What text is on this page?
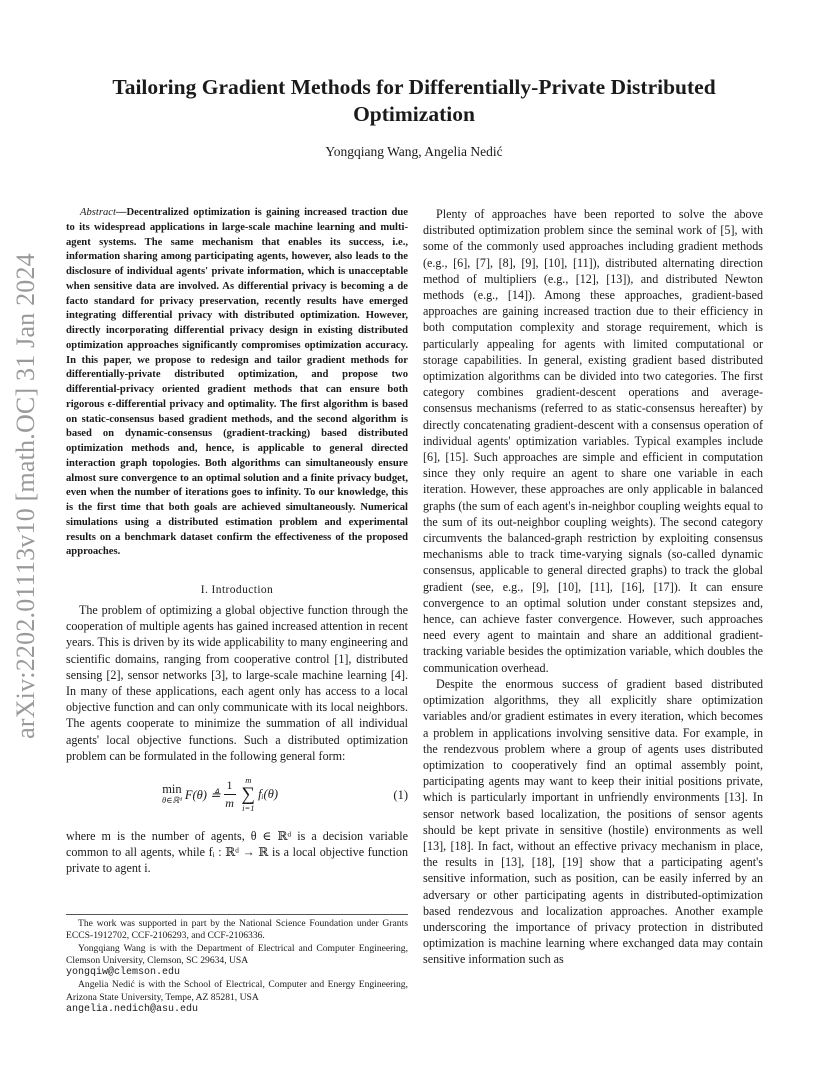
arXiv:2202.01113v10 [math.OC] 31 Jan 2024
Tailoring Gradient Methods for Differentially-Private Distributed Optimization
Yongqiang Wang, Angelia Nedić

Abstract—Decentralized optimization is gaining increased traction due to its widespread applications in large-scale machine learning and multi-agent systems. The same mechanism that enables its success, i.e., information sharing among participating agents, however, also leads to the disclosure of individual agents' private information, which is unacceptable when sensitive data are involved. As differential privacy is becoming a de facto standard for privacy preservation, recently results have emerged integrating differential privacy with distributed optimization. However, directly incorporating differential privacy design in existing distributed optimization approaches significantly compromises optimization accuracy. In this paper, we propose to redesign and tailor gradient methods for differentially-private distributed optimization, and propose two differential-privacy oriented gradient methods that can ensure both rigorous ϵ-differential privacy and optimality. The first algorithm is based on static-consensus based gradient methods, and the second algorithm is based on dynamic-consensus (gradient-tracking) based distributed optimization methods and, hence, is applicable to general directed interaction graph topologies. Both algorithms can simultaneously ensure almost sure convergence to an optimal solution and a finite privacy budget, even when the number of iterations goes to infinity. To our knowledge, this is the first time that both goals are achieved simultaneously. Numerical simulations using a distributed estimation problem and experimental results on a benchmark dataset confirm the effectiveness of the proposed approaches.

I. Introduction

The problem of optimizing a global objective function through the cooperation of multiple agents has gained increased attention in recent years. This is driven by its wide applicability to many engineering and scientific domains, ranging from cooperative control [1], distributed sensing [2], sensor networks [3], to large-scale machine learning [4]. In many of these applications, each agent only has access to a local objective function and can only communicate with its local neighbors. The agents cooperate to minimize the summation of all individual agents' local objective functions. Such a distributed optimization problem can be formulated in the following general form:

min
θ∈ℝᵈ F(θ) ≜ $\frac{1}{m}$ m
∑
i=1
fᵢ(θ)	(1)

where m is the number of agents, θ ∈ ℝᵈ is a decision variable common to all agents, while fᵢ : ℝᵈ → ℝ is a local objective function private to agent i.

The work was supported in part by the National Science Foundation under Grants ECCS-1912702, CCF-2106293, and CCF-2106336.

Yongqiang Wang is with the Department of Electrical and Computer Engineering, Clemson University, Clemson, SC 29634, USA
yongqiw@clemson.edu

Angelia Nedić is with the School of Electrical, Computer and Energy Engineering, Arizona State University, Tempe, AZ 85281, USA
angelia.nedich@asu.edu

Plenty of approaches have been reported to solve the above distributed optimization problem since the seminal work of [5], with some of the commonly used approaches including gradient methods (e.g., [6], [7], [8], [9], [10], [11]), distributed alternating direction method of multipliers (e.g., [12], [13]), and distributed Newton methods (e.g., [14]). Among these approaches, gradient-based approaches are gaining increased traction due to their efficiency in both computation complexity and storage requirement, which is particularly appealing for agents with limited computational or storage capabilities. In general, existing gradient based distributed optimization algorithms can be divided into two categories. The first category combines gradient-descent operations and average-consensus mechanisms (referred to as static-consensus hereafter) by directly concatenating gradient-descent with a consensus operation of individual agents' optimization variables. Typical examples include [6], [15]. Such approaches are simple and efficient in computation since they only require an agent to share one variable in each iteration. However, these approaches are only applicable in balanced graphs (the sum of each agent's in-neighbor coupling weights equal to the sum of its out-neighbor coupling weights). The second category circumvents the balanced-graph restriction by exploiting consensus mechanisms able to track time-varying signals (so-called dynamic consensus, applicable to general directed graphs) to track the global gradient (see, e.g., [9], [10], [11], [16], [17]). It can ensure convergence to an optimal solution under constant stepsizes and, hence, can achieve faster convergence. However, such approaches need every agent to maintain and share an additional gradient-tracking variable besides the optimization variable, which doubles the communication overhead.

Despite the enormous success of gradient based distributed optimization algorithms, they all explicitly share optimization variables and/or gradient estimates in every iteration, which becomes a problem in applications involving sensitive data. For example, in the rendezvous problem where a group of agents uses distributed optimization to cooperatively find an optimal assembly point, participating agents may want to keep their initial positions private, which is particularly important in unfriendly environments [13]. In sensor network based localization, the positions of sensor agents should be kept private in sensitive (hostile) environments as well [13], [18]. In fact, without an effective privacy mechanism in place, the results in [13], [18], [19] show that a participating agent's sensitive information, such as position, can be easily inferred by an adversary or other participating agents in distributed-optimization based rendezvous and localization approaches. Another example underscoring the importance of privacy protection in distributed optimization is machine learning where exchanged data may contain sensitive information such as
